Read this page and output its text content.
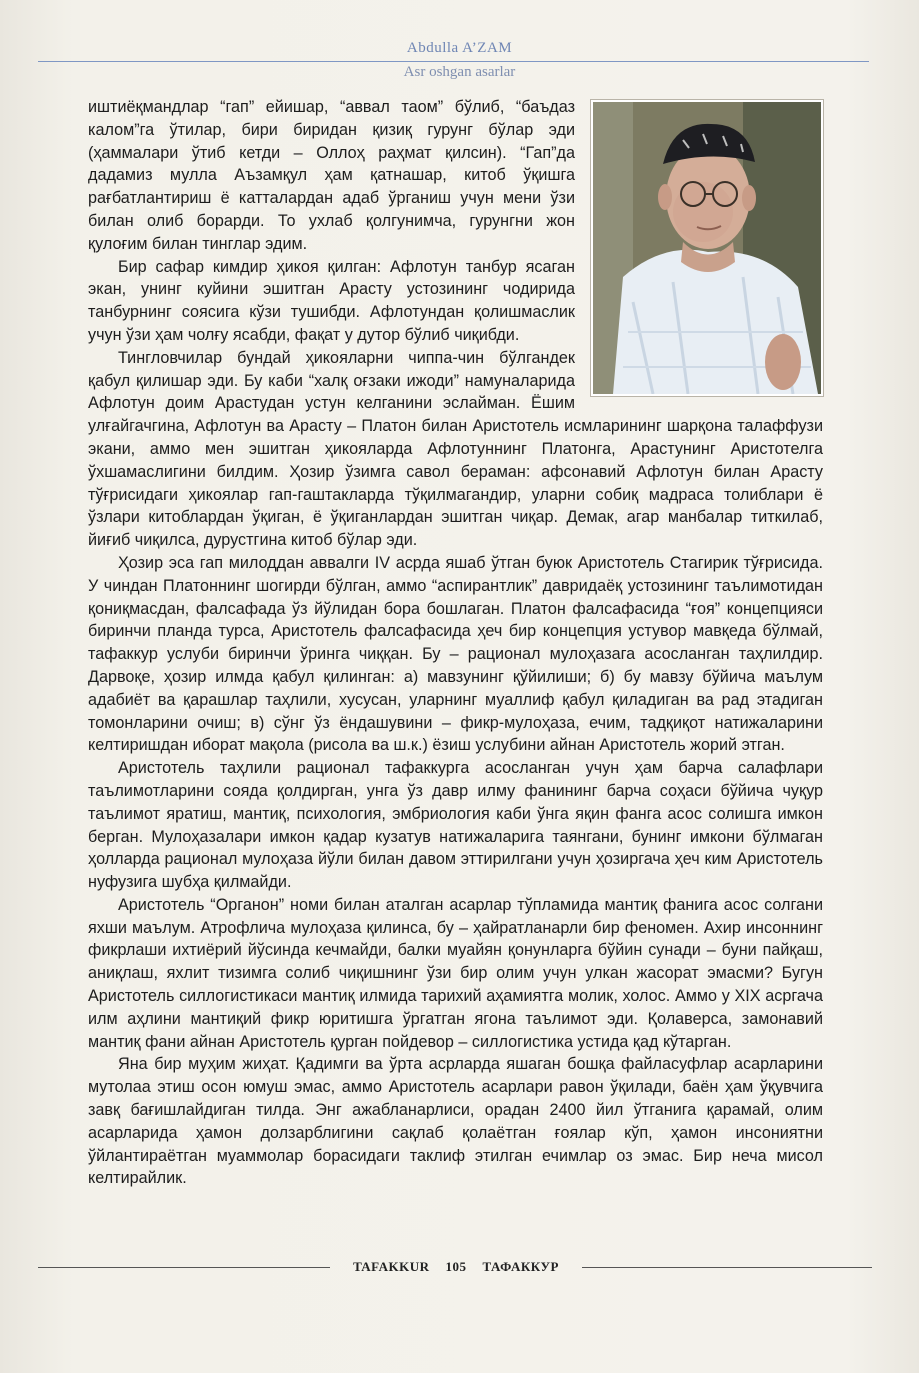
Abdulla A’ZAM
Asr oshgan asarlar

иштиёқмандлар “гап” ейишар, “аввал таом” бўлиб, “баъдаз калом”га ўтилар, бири биридан қизиқ гурунг бўлар эди (ҳаммалари ўтиб кетди – Оллоҳ раҳмат қилсин). “Гап”да дадамиз мулла Аъзамқул ҳам қатнашар, китоб ўқишга рағбатлантириш ё катталардан адаб ўрганиш учун мени ўзи билан олиб борарди. То ухлаб қолгунимча, гурунгни жон қулоғим билан тинглар эдим.

Бир сафар кимдир ҳикоя қилган: Афлотун танбур ясаган экан, унинг куйини эшитган Арасту устозининг чодирида танбурнинг соясига кўзи тушибди. Афлотундан қолишмаслик учун ўзи ҳам чолғу ясабди, фақат у дутор бўлиб чиқибди.

Тингловчилар бундай ҳикояларни чиппа-чин бўлгандек қабул қилишар эди. Бу каби “халқ оғзаки ижоди” намуналарида Афлотун доим Арастудан устун келганини эслайман. Ёшим улғайгачгина, Афлотун ва Арасту – Платон билан Аристотель исмларининг шарқона талаффузи экани, аммо мен эшитган ҳикояларда Афлотуннинг Платонга, Арастунинг Аристотелга ўхшамаслигини билдим. Ҳозир ўзимга савол бераман: афсонавий Афлотун билан Арасту тўғрисидаги ҳикоялар гап-гаштакларда тўқилмагандир, уларни собиқ мадраса толиблари ё ўзлари китоблардан ўқиган, ё ўқиганлардан эшитган чиқар. Демак, агар манбалар титкилаб, йиғиб чиқилса, дурустгина китоб бўлар эди.

Ҳозир эса гап милоддан аввалги IV асрда яшаб ўтган буюк Аристотель Стагирик тўғрисида. У чиндан Платоннинг шогирди бўлган, аммо “аспирантлик” давридаёқ устозининг таълимотидан қониқмасдан, фалсафада ўз йўлидан бора бошлаган. Платон фалсафасида “ғоя” концепцияси биринчи планда турса, Аристотель фалсафасида ҳеч бир концепция устувор мавқеда бўлмай, тафаккур услуби биринчи ўринга чиққан. Бу – рационал мулоҳазага асосланган таҳлилдир. Дарвоқе, ҳозир илмда қабул қилинган: а) мавзунинг қўйилиши; б) бу мавзу бўйича маълум адабиёт ва қарашлар таҳлили, хусусан, уларнинг муаллиф қабул қиладиган ва рад этадиган томонларини очиш; в) сўнг ўз ёндашувини – фикр-мулоҳаза, ечим, тадқиқот натижаларини келтиришдан иборат мақола (рисола ва ш.к.) ёзиш услубини айнан Аристотель жорий этган.

Аристотель таҳлили рационал тафаккурга асосланган учун ҳам барча салафлари таълимотларини сояда қолдирган, унга ўз давр илму фанининг барча соҳаси бўйича чуқур таълимот яратиш, мантиқ, психология, эмбриология каби ўнга яқин фанга асос солишга имкон берган. Мулоҳазалари имкон қадар кузатув натижаларига таянгани, бунинг имкони бўлмаган ҳолларда рационал мулоҳаза йўли билан давом эттирилгани учун ҳозиргача ҳеч ким Аристотель нуфузига шубҳа қилмайди.

Аристотель “Органон” номи билан аталган асарлар тўпламида мантиқ фанига асос солгани яхши маълум. Атрофлича мулоҳаза қилинса, бу – ҳайратланарли бир феномен. Ахир инсоннинг фикрлаши ихтиёрий йўсинда кечмайди, балки муайян қонунларга бўйин сунади – буни пайқаш, аниқлаш, яхлит тизимга солиб чиқишнинг ўзи бир олим учун улкан жасорат эмасми? Бугун Аристотель силлогистикаси мантиқ илмида тарихий аҳамиятга молик, холос. Аммо у XIX асргача илм аҳлини мантиқий фикр юритишга ўргатган ягона таълимот эди. Қолаверса, замонавий мантиқ фани айнан Аристотель қурган пойдевор – силлогистика устида қад кўтарган.

Яна бир муҳим жиҳат. Қадимги ва ўрта асрларда яшаган бошқа файласуфлар асарларини мутолаа этиш осон юмуш эмас, аммо Аристотель асарлари равон ўқилади, баён ҳам ўқувчига завқ бағишлайдиган тилда. Энг ажабланарлиси, орадан 2400 йил ўтганига қарамай, олим асарларида ҳамон долзарблигини сақлаб қолаётган ғоялар кўп, ҳамон инсониятни ўйлантираётган муаммолар борасидаги таклиф этилган ечимлар оз эмас. Бир неча мисол келтирайлик.

TAFAKKUR 105 ТАФАККУР
